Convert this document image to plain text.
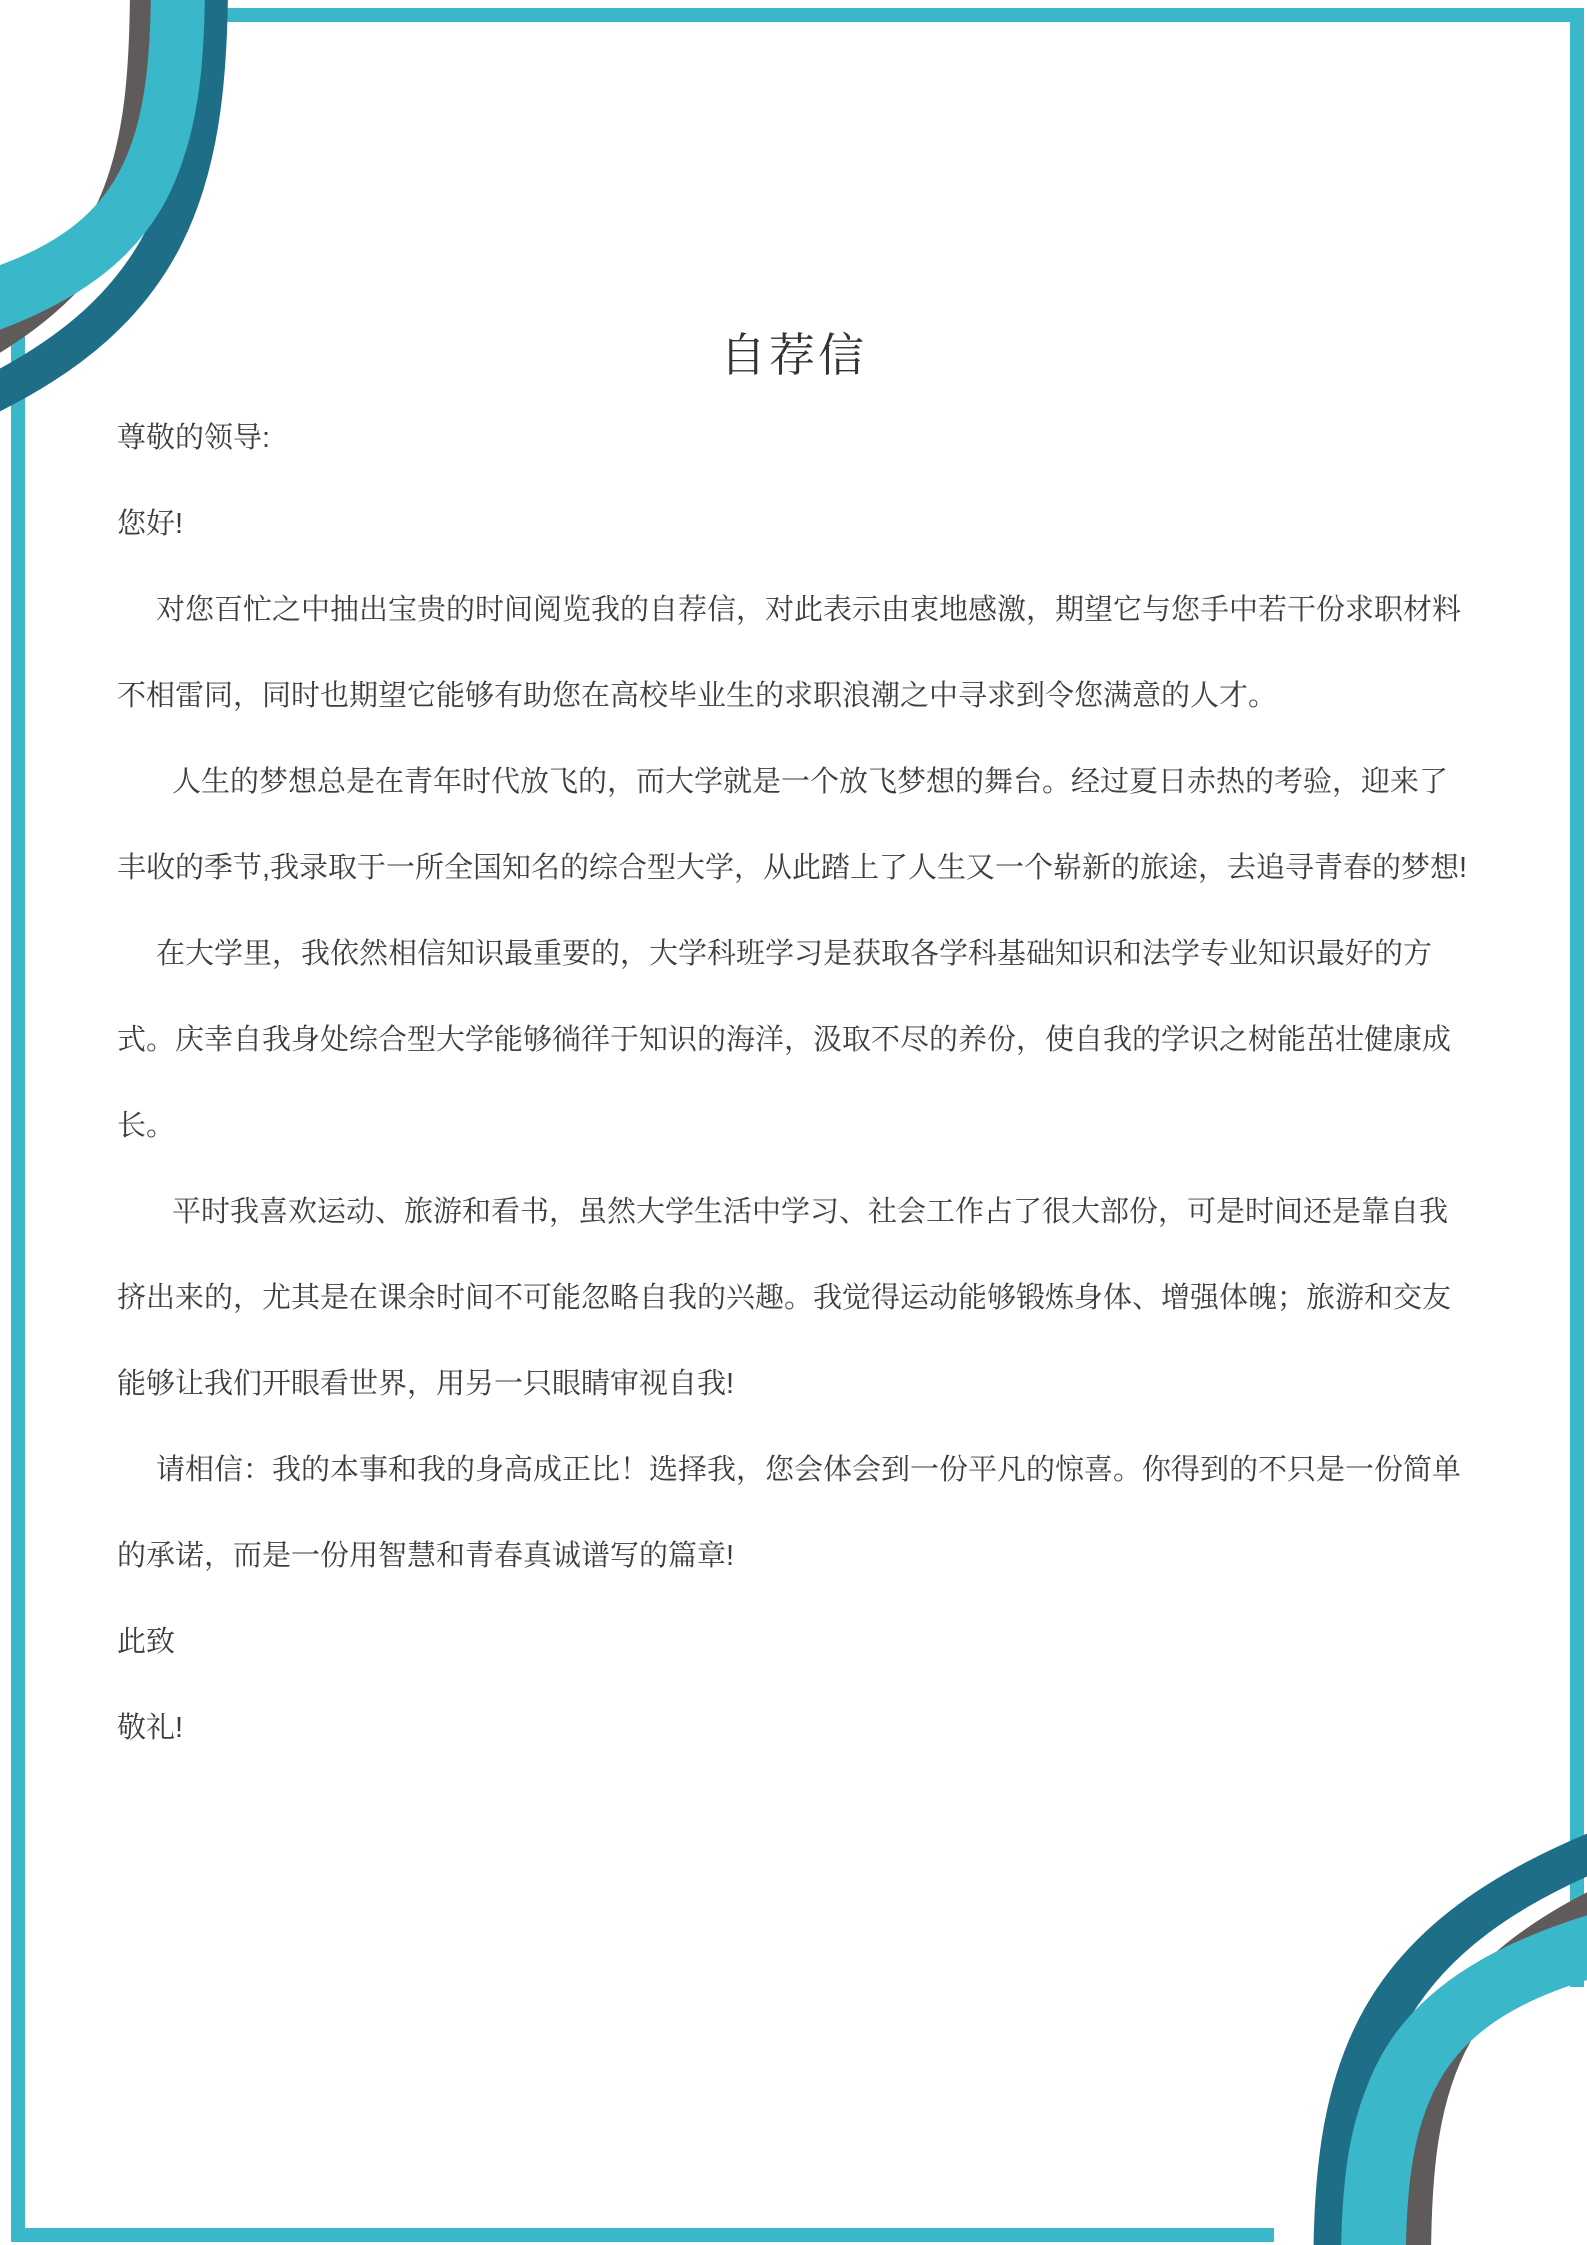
自荐信

尊敬的领导:

您好!

对您百忙之中抽出宝贵的时间阅览我的自荐信，对此表示由衷地感激，期望它与您手中若干份求职材料不相雷同，同时也期望它能够有助您在高校毕业生的求职浪潮之中寻求到令您满意的人才。

人生的梦想总是在青年时代放飞的，而大学就是一个放飞梦想的舞台。经过夏日赤热的考验，迎来了丰收的季节,我录取于一所全国知名的综合型大学，从此踏上了人生又一个崭新的旅途，去追寻青春的梦想!

在大学里，我依然相信知识最重要的，大学科班学习是获取各学科基础知识和法学专业知识最好的方式。庆幸自我身处综合型大学能够徜徉于知识的海洋，汲取不尽的养份，使自我的学识之树能茁壮健康成长。

平时我喜欢运动、旅游和看书，虽然大学生活中学习、社会工作占了很大部份，可是时间还是靠自我挤出来的，尤其是在课余时间不可能忽略自我的兴趣。我觉得运动能够锻炼身体、增强体魄；旅游和交友能够让我们开眼看世界，用另一只眼睛审视自我!

请相信：我的本事和我的身高成正比！选择我，您会体会到一份平凡的惊喜。你得到的不只是一份简单的承诺，而是一份用智慧和青春真诚谱写的篇章!

此致

敬礼!
